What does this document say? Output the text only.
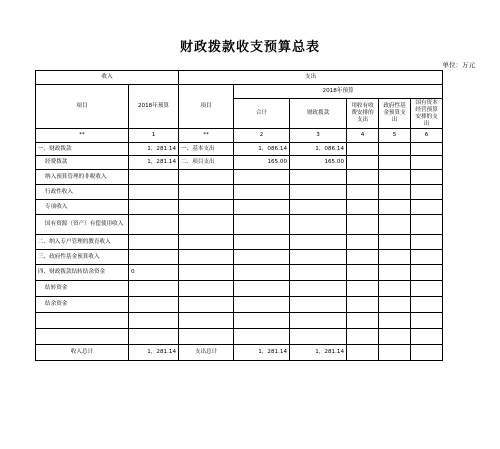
财政拨款收支预算总表
单位：万元
收入		支出					
项目	2018年预算	项目	2018年预算				
			合计	财政拨款	用收有收费安排的支出	政府性基金预算支出	国有资本经营预算安排的支出
**	1	**	2	3	4	5	6
一、财政拨款	1，281.14	一、基本支出	1，086.14	1，086.14			
经费拨款	1，281.14	二、项目支出	165.00	165.00			
纳入预算管理的非税收入							
行政性收入							
专项收入							
国有资源（资产）有偿使用收入							
二、纳入专户管理的教育收入							
三、政府性基金预算收入							
四、财政拨款结转结余资金	0						
结转资金							
结余资金							

收入总计	1，281.14	支出总计	1，281.14	1，281.14			
